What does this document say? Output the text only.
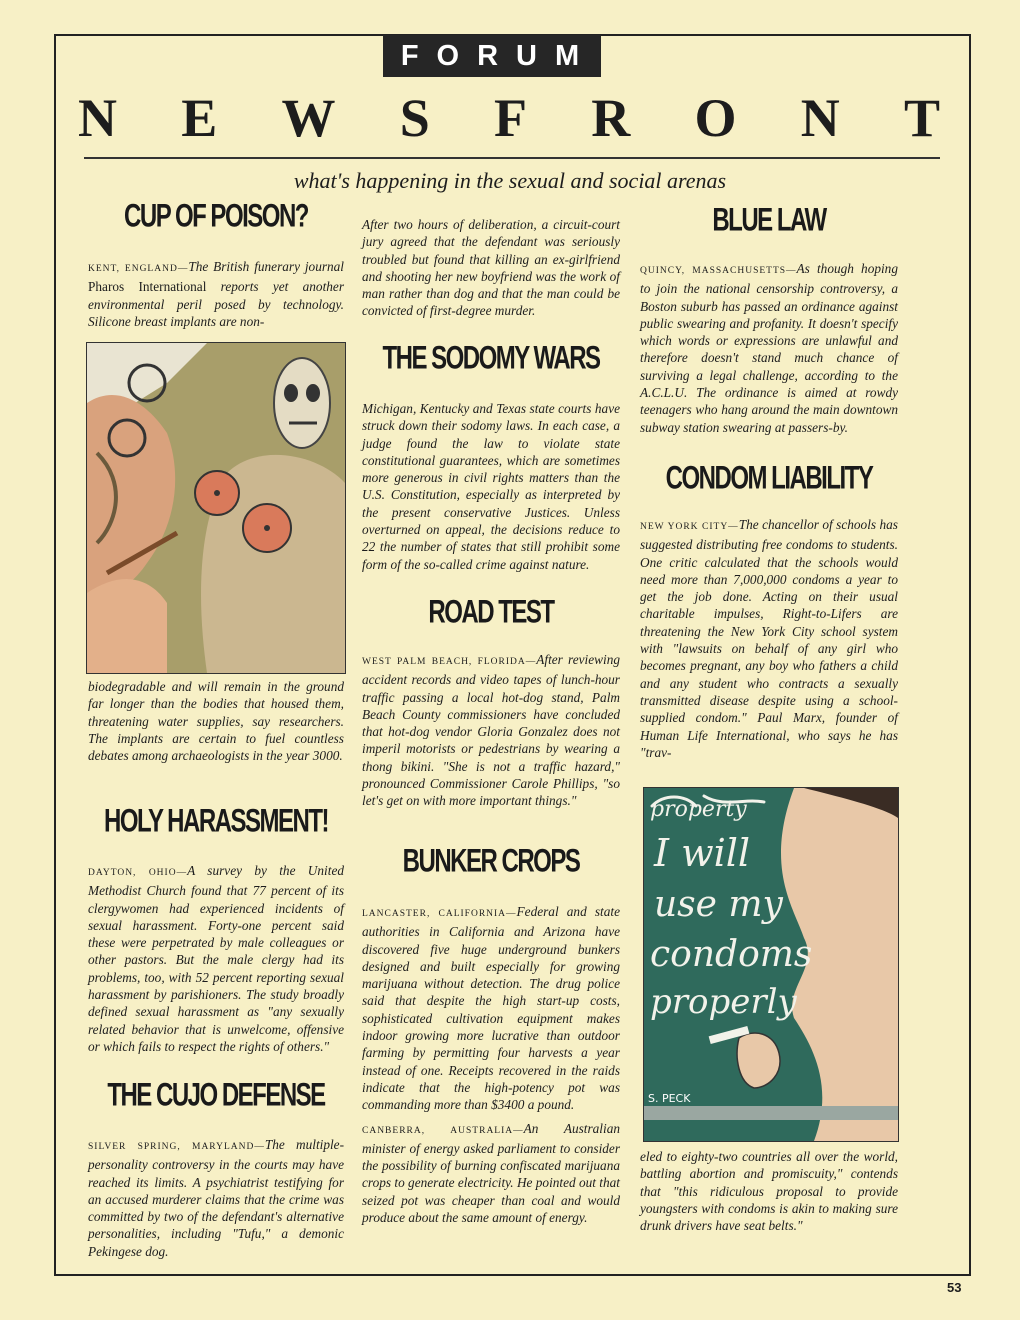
FORUM
N E W S F R O N T
what's happening in the sexual and social arenas
CUP OF POISON?

KENT, ENGLAND—The British funerary journal Pharos International reports yet another environmental peril posed by technology. Silicone breast implants are non-

biodegradable and will remain in the ground far longer than the bodies that housed them, threatening water supplies, say researchers. The implants are certain to fuel countless debates among archaeologists in the year 3000.

HOLY HARASSMENT!

DAYTON, OHIO—A survey by the United Methodist Church found that 77 percent of its clergywomen had experienced incidents of sexual harassment. Forty-one percent said these were perpetrated by male colleagues or other pastors. But the male clergy had its problems, too, with 52 percent reporting sexual harassment by parishioners. The study broadly defined sexual harassment as "any sexually related behavior that is unwelcome, offensive or which fails to respect the rights of others."

THE CUJO DEFENSE

SILVER SPRING, MARYLAND—The multiple-personality controversy in the courts may have reached its limits. A psychiatrist testifying for an accused murderer claims that the crime was committed by two of the defendant's alternative personalities, including "Tufu," a demonic Pekingese dog.

After two hours of deliberation, a circuit-court jury agreed that the defendant was seriously troubled but found that killing an ex-girlfriend and shooting her new boyfriend was the work of man rather than dog and that the man could be convicted of first-degree murder.

THE SODOMY WARS

Michigan, Kentucky and Texas state courts have struck down their sodomy laws. In each case, a judge found the law to violate state constitutional guarantees, which are sometimes more generous in civil rights matters than the U.S. Constitution, especially as interpreted by the present conservative Justices. Unless overturned on appeal, the decisions reduce to 22 the number of states that still prohibit some form of the so-called crime against nature.

ROAD TEST

WEST PALM BEACH, FLORIDA—After reviewing accident records and video tapes of lunch-hour traffic passing a local hot-dog stand, Palm Beach County commissioners have concluded that hot-dog vendor Gloria Gonzalez does not imperil motorists or pedestrians by wearing a thong bikini. "She is not a traffic hazard," pronounced Commissioner Carole Phillips, "so let's get on with more important things."

BUNKER CROPS

LANCASTER, CALIFORNIA—Federal and state authorities in California and Arizona have discovered five huge underground bunkers designed and built especially for growing marijuana without detection. The drug police said that despite the high start-up costs, sophisticated cultivation equipment makes indoor growing more lucrative than outdoor farming by permitting four harvests a year instead of one. Receipts recovered in the raids indicate that the high-potency pot was commanding more than $3400 a pound.

CANBERRA, AUSTRALIA—An Australian minister of energy asked parliament to consider the possibility of burning confiscated marijuana crops to generate electricity. He pointed out that seized pot was cheaper than coal and would produce about the same amount of energy.

BLUE LAW

QUINCY, MASSACHUSETTS—As though hoping to join the national censorship controversy, a Boston suburb has passed an ordinance against public swearing and profanity. It doesn't specify which words or expressions are unlawful and therefore doesn't stand much chance of surviving a legal challenge, according to the A.C.L.U. The ordinance is aimed at rowdy teenagers who hang around the main downtown subway station swearing at passers-by.

CONDOM LIABILITY

NEW YORK CITY—The chancellor of schools has suggested distributing free condoms to students. One critic calculated that the schools would need more than 7,000,000 condoms a year to get the job done. Acting on their usual charitable impulses, Right-to-Lifers are threatening the New York City school system with "lawsuits on behalf of any girl who becomes pregnant, any boy who fathers a child and any student who contracts a sexually transmitted disease despite using a school-supplied condom." Paul Marx, founder of Human Life International, who says he has "trav-

I will
use my
condoms
properly
property
S. PECK

eled to eighty-two countries all over the world, battling abortion and promiscuity," contends that "this ridiculous proposal to provide youngsters with condoms is akin to making sure drunk drivers have seat belts."

53
